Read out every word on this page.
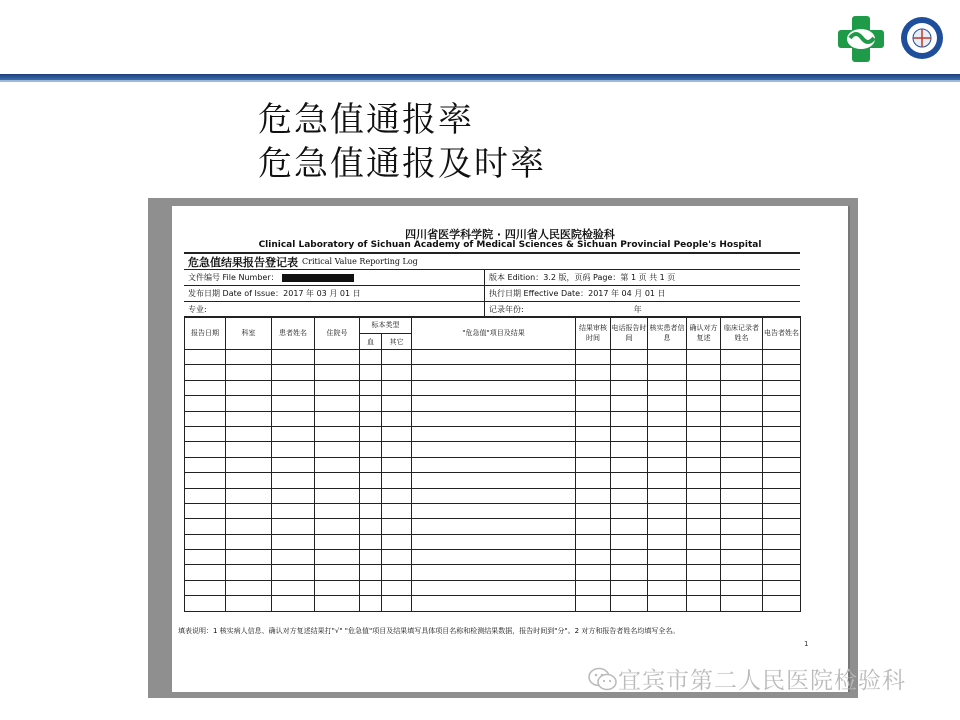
危急值通报率
危急值通报及时率
四川省医学科学院 · 四川省人民医院检验科
Clinical Laboratory of Sichuan Academy of Medical Sciences & Sichuan Provincial People's Hospital
危急值结果报告登记表 Critical Value Reporting Log
文件编号 File Number：	版本 Edition：3.2 版，页码 Page：第 1 页 共 1 页
发布日期 Date of Issue：2017 年 03 月 01 日	执行日期 Effective Date：2017 年 04 月 01 日
专业:	记录年份:	年
报告日期	科室	患者姓名	住院号	标本类型		"危急值"项目及结果	结果审核时间	电话报告时间	核实患者信息	确认对方复述	临床记录者姓名	电告者姓名
				血	其它							

填表说明：1 核实病人信息、确认对方复述结果打"√" "危急值"项目及结果填写具体项目名称和检测结果数据，报告时间到"分"。2 对方和报告者姓名均填写全名。
1
宜宾市第二人民医院检验科
